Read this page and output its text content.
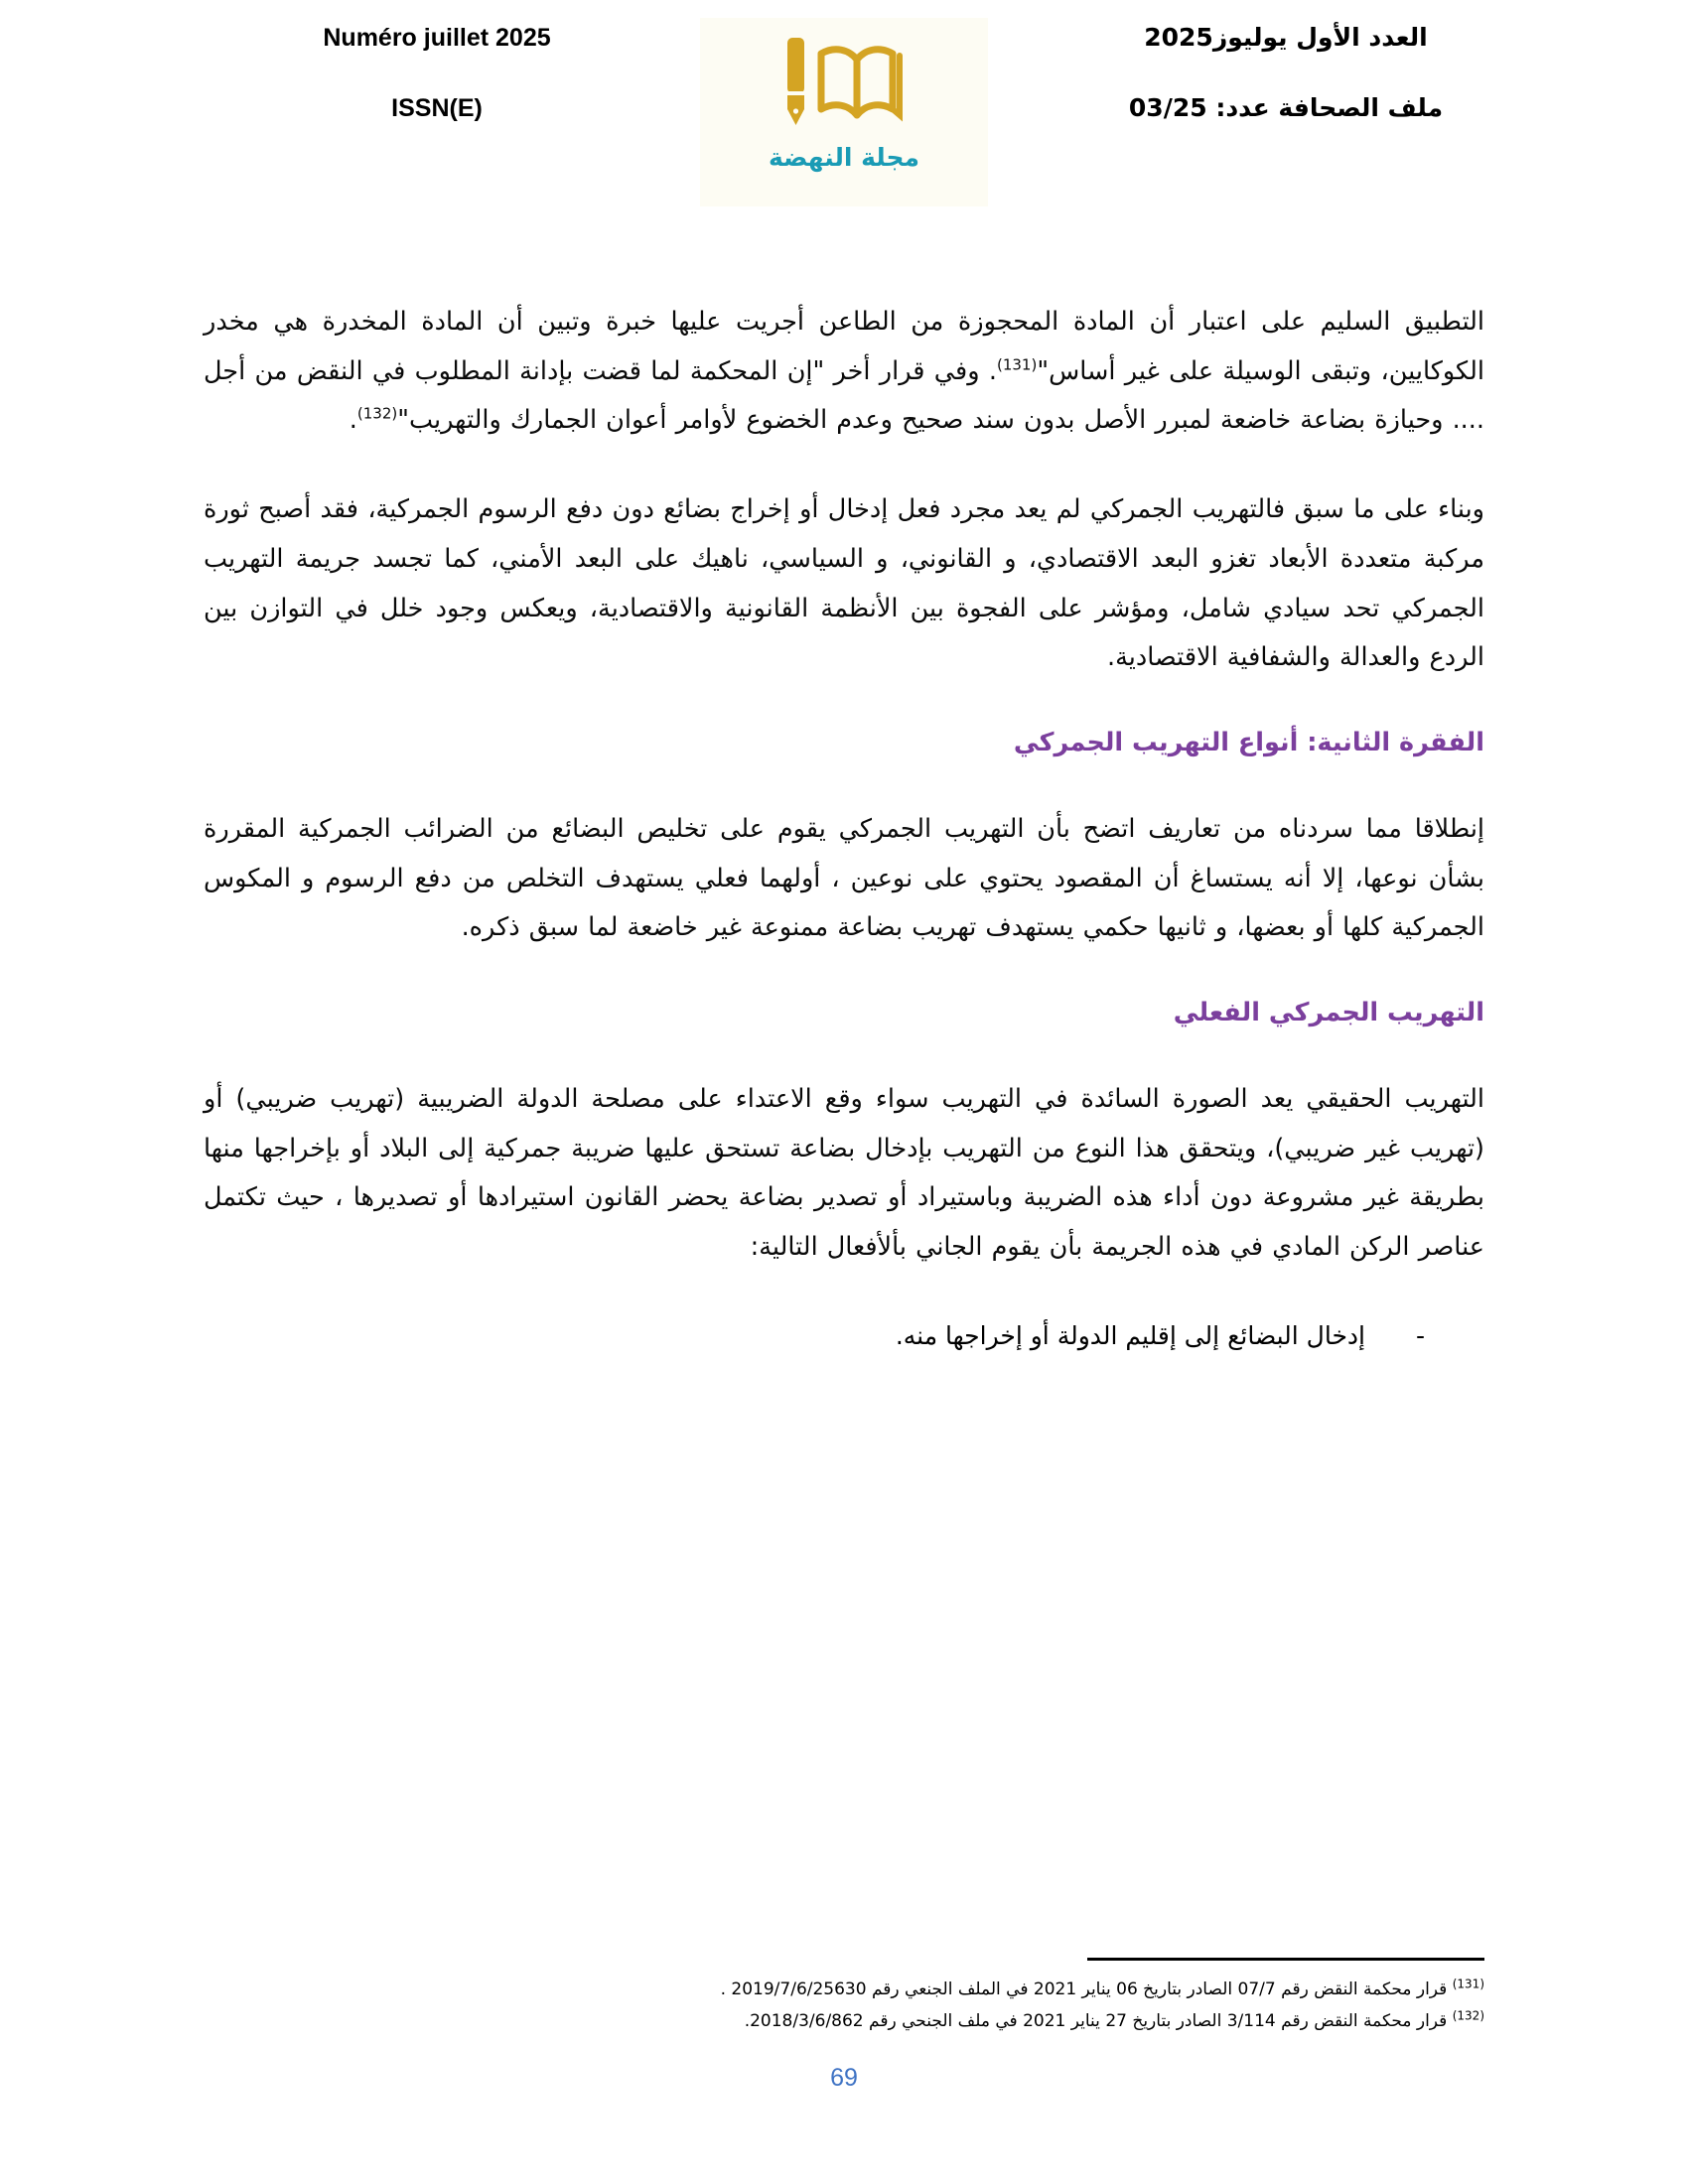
Numéro juillet 2025
ISSN(E)
مجلة النهضة
العدد الأول يوليوز2025
ملف الصحافة عدد: 03/25

التطبيق السليم على اعتبار أن المادة المحجوزة من الطاعن أجريت عليها خبرة وتبين أن المادة المخدرة هي مخدر الكوكايين، وتبقى الوسيلة على غير أساس"$^{(131)}$. وفي قرار أخر "إن المحكمة لما قضت بإدانة المطلوب في النقض من أجل .... وحيازة بضاعة خاضعة لمبرر الأصل بدون سند صحيح وعدم الخضوع لأوامر أعوان الجمارك والتهريب"$^{(132)}$.

وبناء على ما سبق فالتهريب الجمركي لم يعد مجرد فعل إدخال أو إخراج بضائع دون دفع الرسوم الجمركية، فقد أصبح ثورة مركبة متعددة الأبعاد تغزو البعد الاقتصادي، و القانوني، و السياسي، ناهيك على البعد الأمني، كما تجسد جريمة التهريب الجمركي تحد سيادي شامل، ومؤشر على الفجوة بين الأنظمة القانونية والاقتصادية، ويعكس وجود خلل في التوازن بين الردع والعدالة والشفافية الاقتصادية.

الفقرة الثانية: أنواع التهريب الجمركي

إنطلاقا مما سردناه من تعاريف اتضح بأن التهريب الجمركي يقوم على تخليص البضائع من الضرائب الجمركية المقررة بشأن نوعها، إلا أنه يستساغ أن المقصود يحتوي على نوعين ، أولهما فعلي يستهدف التخلص من دفع الرسوم و المكوس الجمركية كلها أو بعضها، و ثانيها حكمي يستهدف تهريب بضاعة ممنوعة غير خاضعة لما سبق ذكره.

التهريب الجمركي الفعلي

التهريب الحقيقي يعد الصورة السائدة في التهريب سواء وقع الاعتداء على مصلحة الدولة الضريبية (تهريب ضريبي) أو (تهريب غير ضريبي)، ويتحقق هذا النوع من التهريب بإدخال بضاعة تستحق عليها ضريبة جمركية إلى البلاد أو بإخراجها منها بطريقة غير مشروعة دون أداء هذه الضريبة وباستيراد أو تصدير بضاعة يحضر القانون استيرادها أو تصديرها ، حيث تكتمل عناصر الركن المادي في هذه الجريمة بأن يقوم الجاني بألأفعال التالية:

-
إدخال البضائع إلى إقليم الدولة أو إخراجها منه.
$^{(131)}$ قرار محكمة النقض رقم 07/7 الصادر بتاريخ 06 يناير 2021 في الملف الجنعي رقم 2019/7/6/25630 .
$^{(132)}$ قرار محكمة النقض رقم 3/114 الصادر بتاريخ 27 يناير 2021 في ملف الجنحي رقم 2018/3/6/862.
69
